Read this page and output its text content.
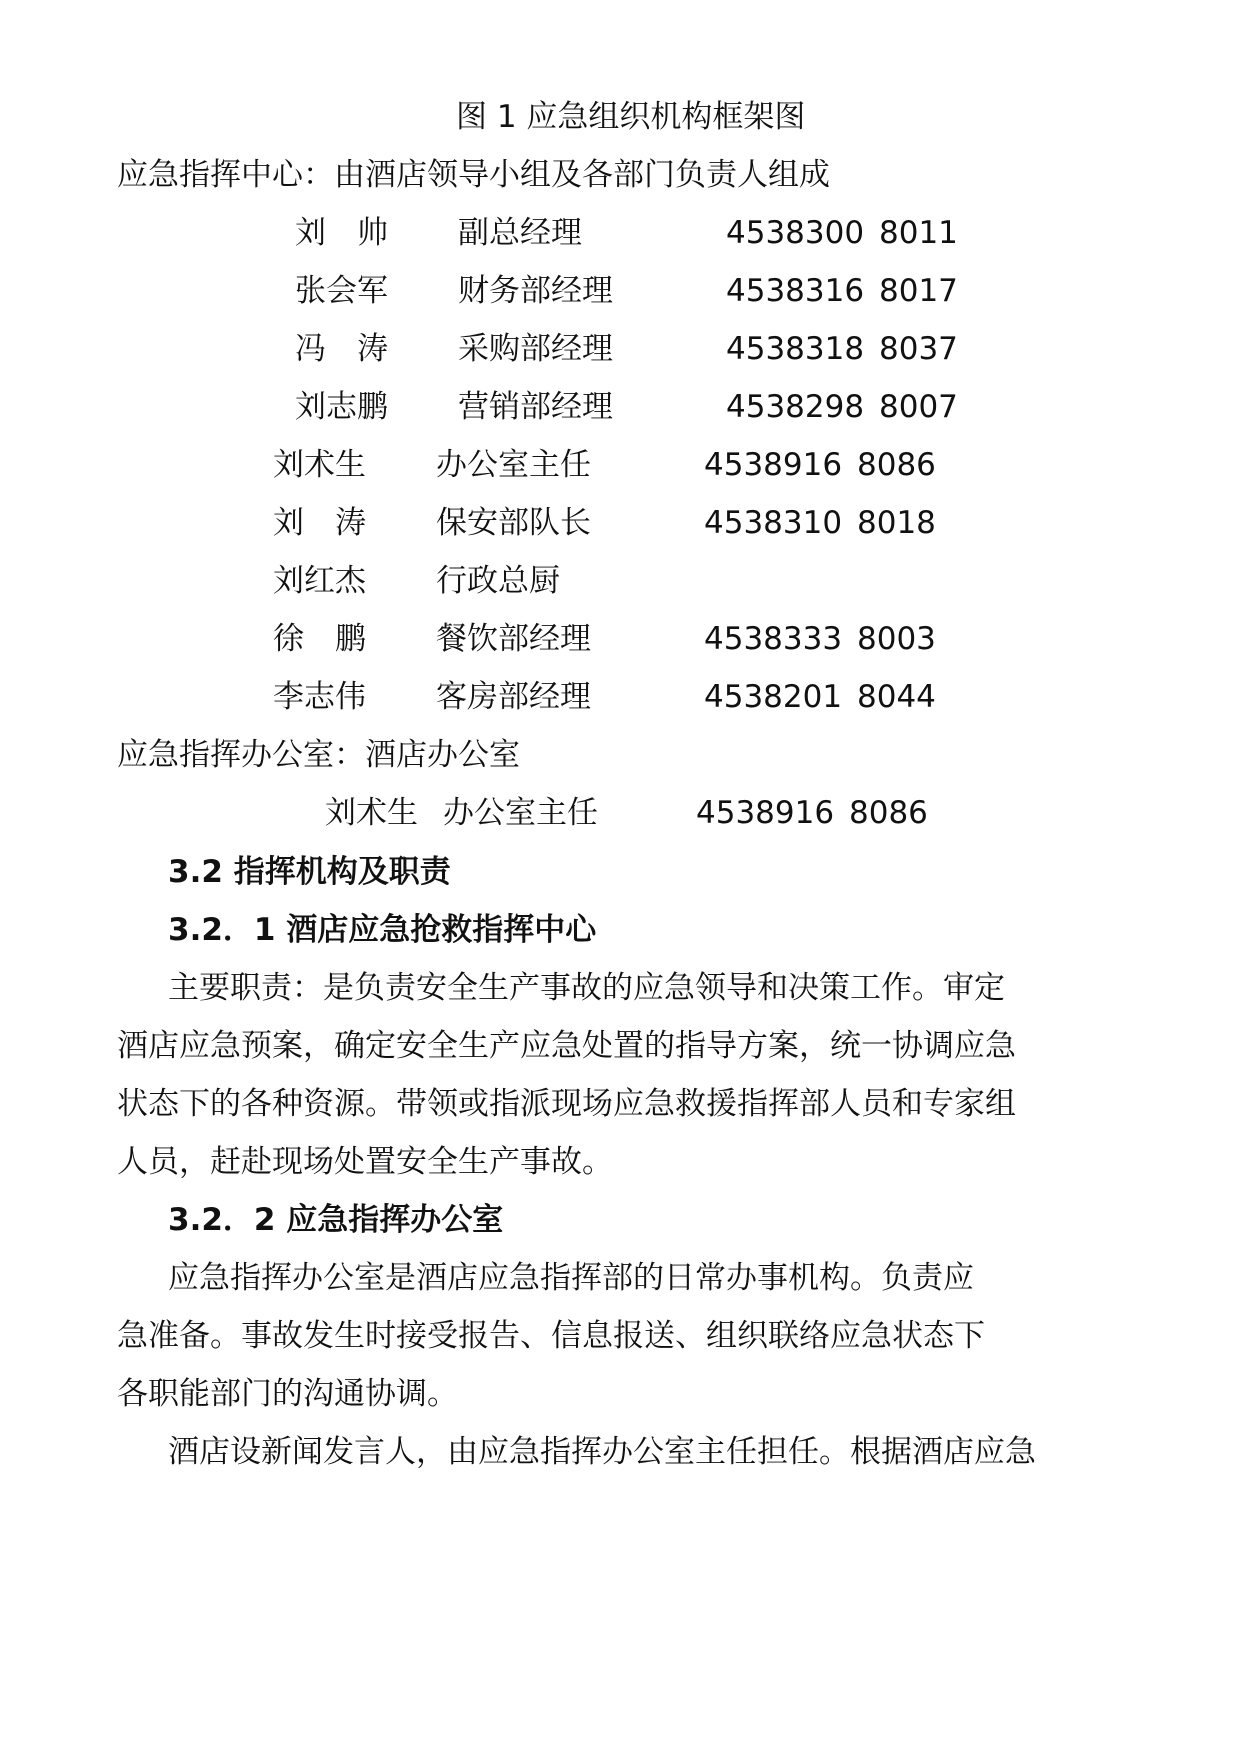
图 1 应急组织机构框架图
应急指挥中心：由酒店领导小组及各部门负责人组成
刘　帅 副总经理	4538300 8011
张会军 财务部经理	4538316 8017
冯　涛 采购部经理	4538318 8037
刘志鹏 营销部经理	4538298 8007
刘术生 办公室主任	4538916 8086
刘　涛 保安部队长	4538310 8018
刘红杰 行政总厨
徐　鹏 餐饮部经理	4538333 8003
李志伟 客房部经理	4538201 8044
应急指挥办公室：酒店办公室
刘术生 办公室主任	4538916 8086
3.2 指挥机构及职责
3.2．1 酒店应急抢救指挥中心
主要职责：是负责安全生产事故的应急领导和决策工作。审定
酒店应急预案，确定安全生产应急处置的指导方案，统一协调应急
状态下的各种资源。带领或指派现场应急救援指挥部人员和专家组
人员，赶赴现场处置安全生产事故。
3.2．2 应急指挥办公室
应急指挥办公室是酒店应急指挥部的日常办事机构。负责应
急准备。事故发生时接受报告、信息报送、组织联络应急状态下
各职能部门的沟通协调。
酒店设新闻发言人，由应急指挥办公室主任担任。根据酒店应急
